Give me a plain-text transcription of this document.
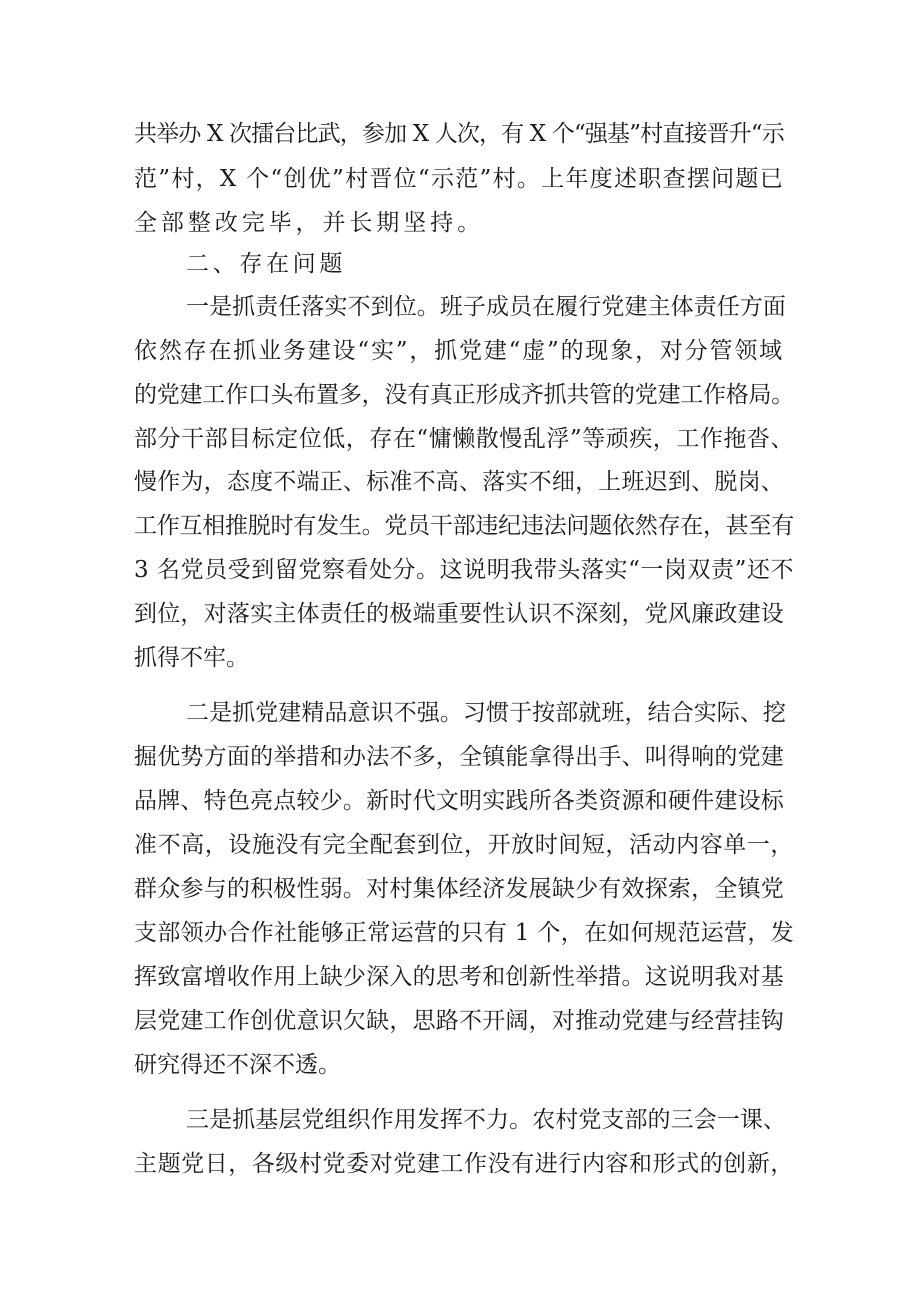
共举办 X 次擂台比武，参加 X 人次，有 X 个“强基”村直接晋升“示
范”村，X 个“创优”村晋位“示范”村。上年度述职查摆问题已
全部整改完毕，并长期坚持。
二、存在问题
一是抓责任落实不到位。班子成员在履行党建主体责任方面
依然存在抓业务建设“实”，抓党建“虚”的现象，对分管领域
的党建工作口头布置多，没有真正形成齐抓共管的党建工作格局。
部分干部目标定位低，存在“慵懒散慢乱浮”等顽疾，工作拖沓、
慢作为，态度不端正、标准不高、落实不细，上班迟到、脱岗、
工作互相推脱时有发生。党员干部违纪违法问题依然存在，甚至有
3 名党员受到留党察看处分。这说明我带头落实“一岗双责”还不
到位，对落实主体责任的极端重要性认识不深刻，党风廉政建设
抓得不牢。
二是抓党建精品意识不强。习惯于按部就班，结合实际、挖
掘优势方面的举措和办法不多，全镇能拿得出手、叫得响的党建
品牌、特色亮点较少。新时代文明实践所各类资源和硬件建设标
准不高，设施没有完全配套到位，开放时间短，活动内容单一，
群众参与的积极性弱。对村集体经济发展缺少有效探索，全镇党
支部领办合作社能够正常运营的只有 1 个，在如何规范运营，发
挥致富增收作用上缺少深入的思考和创新性举措。这说明我对基
层党建工作创优意识欠缺，思路不开阔，对推动党建与经营挂钩
研究得还不深不透。
三是抓基层党组织作用发挥不力。农村党支部的三会一课、
主题党日，各级村党委对党建工作没有进行内容和形式的创新，
